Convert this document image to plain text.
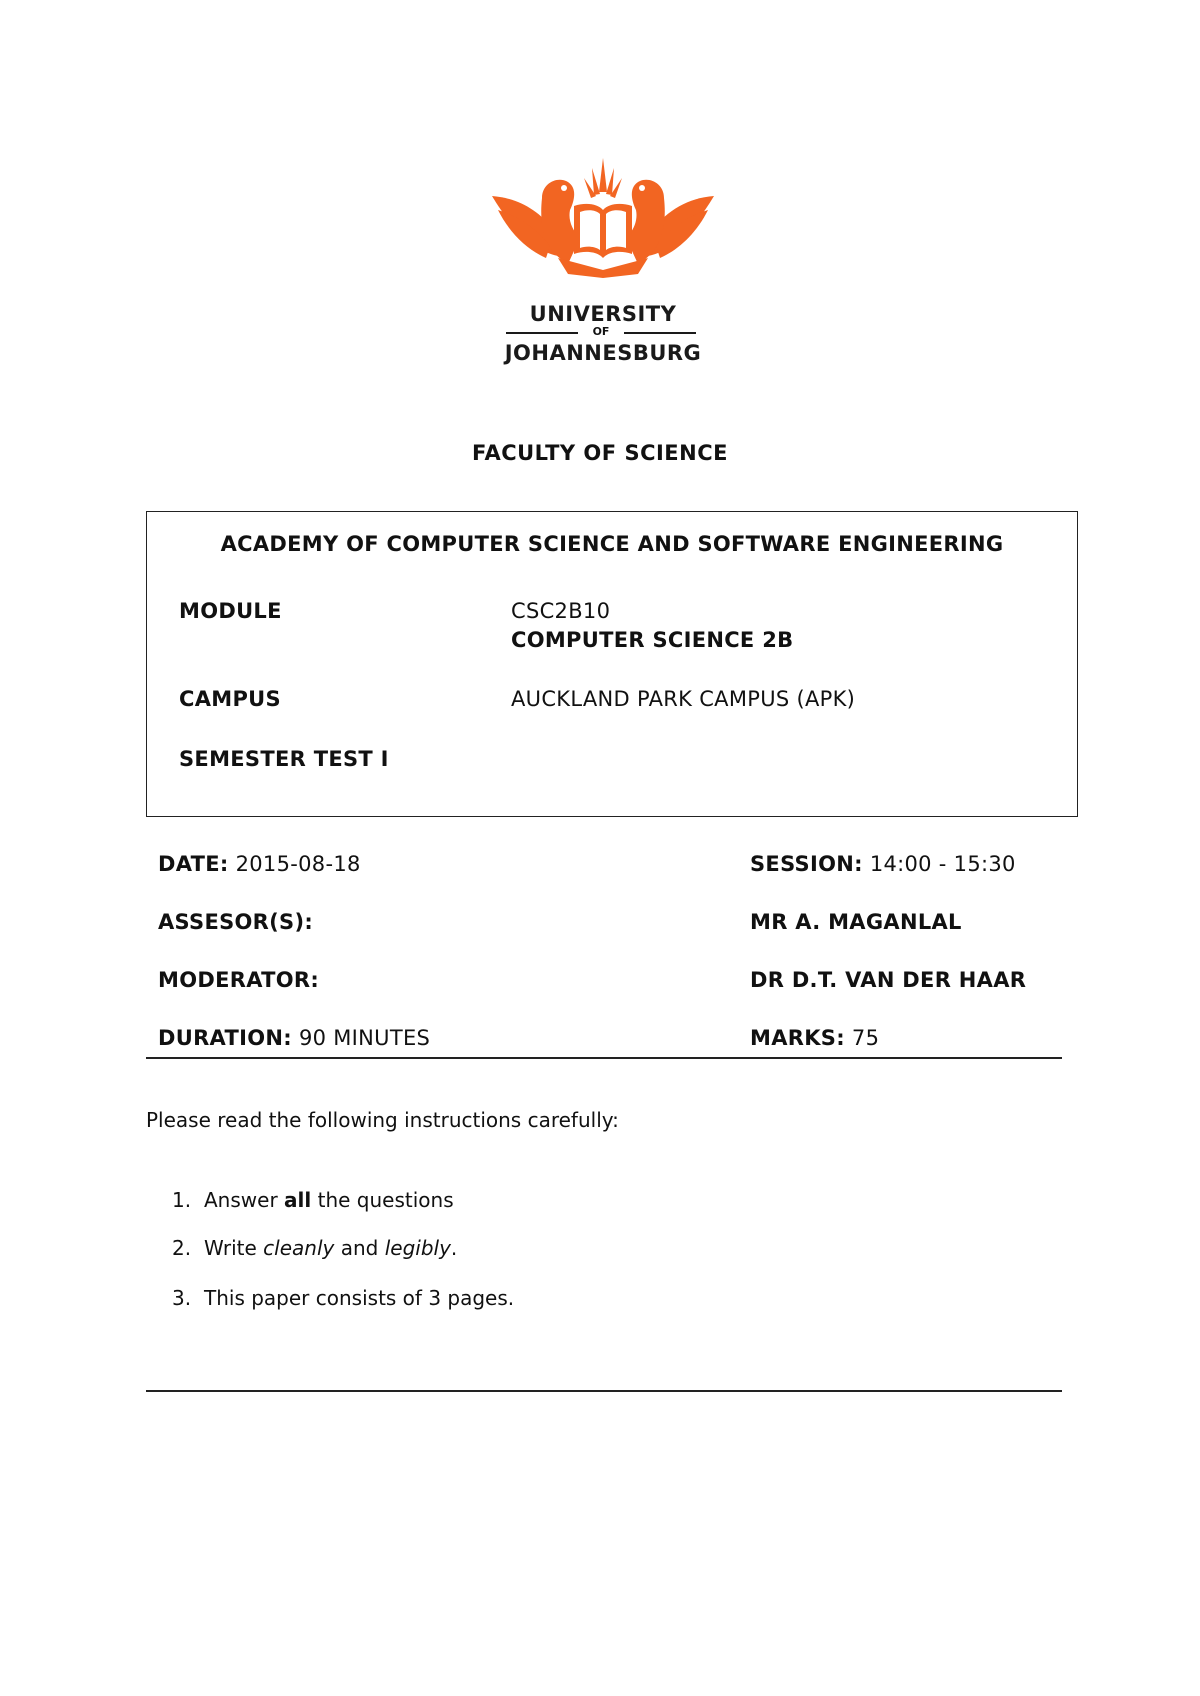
UNIVERSITY
OF
JOHANNESBURG
FACULTY OF SCIENCE
ACADEMY OF COMPUTER SCIENCE AND SOFTWARE ENGINEERING
MODULE	CSC2B10
COMPUTER SCIENCE 2B
CAMPUS	AUCKLAND PARK CAMPUS (APK)
SEMESTER TEST I
DATE: 2015-08-18	SESSION: 14:00 - 15:30
ASSESOR(S):	MR A. MAGANLAL
MODERATOR:	DR D.T. VAN DER HAAR
DURATION: 90 MINUTES	MARKS: 75
Please read the following instructions carefully:
1. Answer all the questions
2. Write cleanly and legibly.
3. This paper consists of 3 pages.
